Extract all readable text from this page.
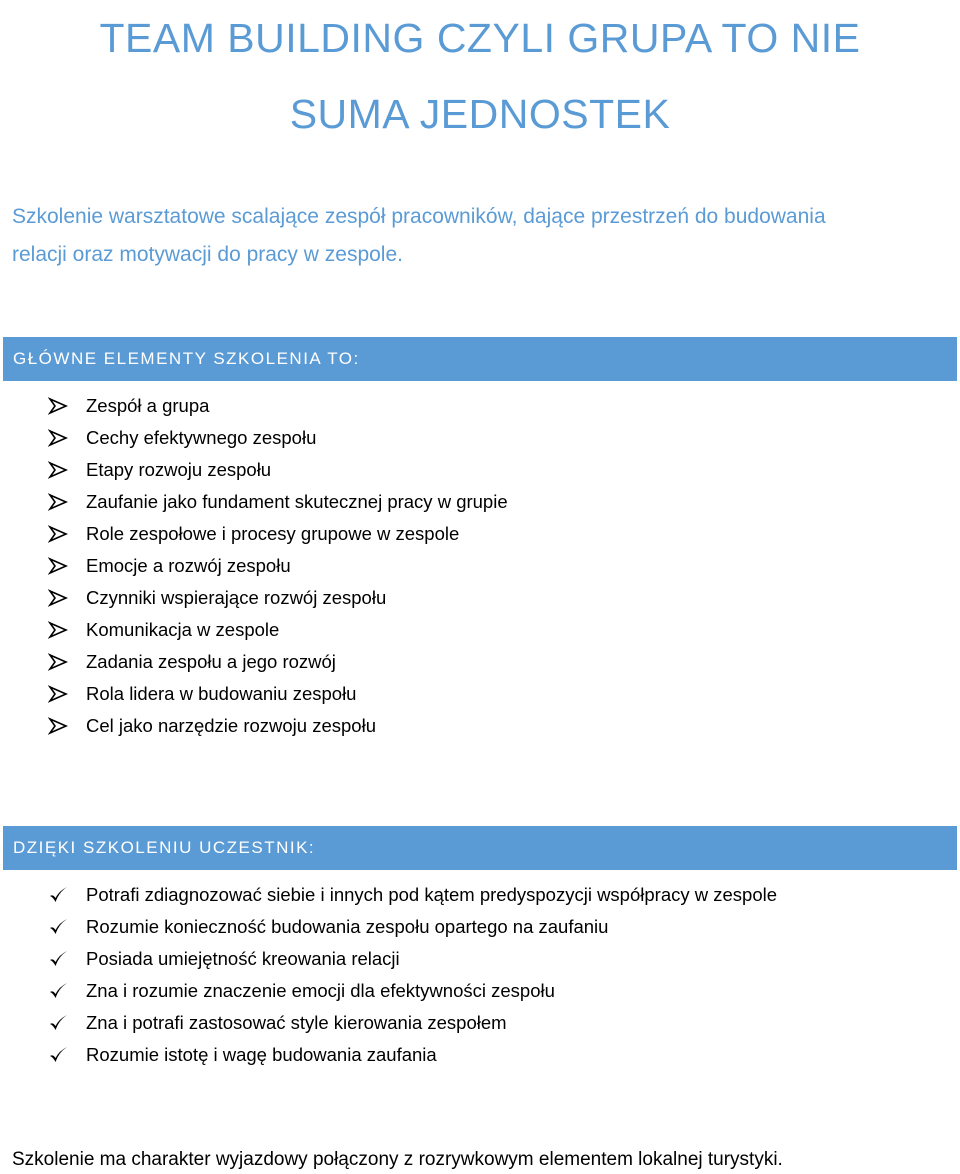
TEAM BUILDING CZYLI GRUPA TO NIE
SUMA JEDNOSTEK

Szkolenie warsztatowe scalające zespół pracowników, dające przestrzeń do budowania
relacji oraz motywacji do pracy w zespole.

GŁÓWNE ELEMENTY SZKOLENIA TO:
Zespół a grupa
Cechy efektywnego zespołu
Etapy rozwoju zespołu
Zaufanie jako fundament skutecznej pracy w grupie
Role zespołowe i procesy grupowe w zespole
Emocje a rozwój zespołu
Czynniki wspierające rozwój zespołu
Komunikacja w zespole
Zadania zespołu a jego rozwój
Rola lidera w budowaniu zespołu
Cel jako narzędzie rozwoju zespołu
DZIĘKI SZKOLENIU UCZESTNIK:
Potrafi zdiagnozować siebie i innych pod kątem predyspozycji współpracy w zespole
Rozumie konieczność budowania zespołu opartego na zaufaniu
Posiada umiejętność kreowania relacji
Zna i rozumie znaczenie emocji dla efektywności zespołu
Zna i potrafi zastosować style kierowania zespołem
Rozumie istotę i wagę budowania zaufania

Szkolenie ma charakter wyjazdowy połączony z rozrywkowym elementem lokalnej turystyki.
